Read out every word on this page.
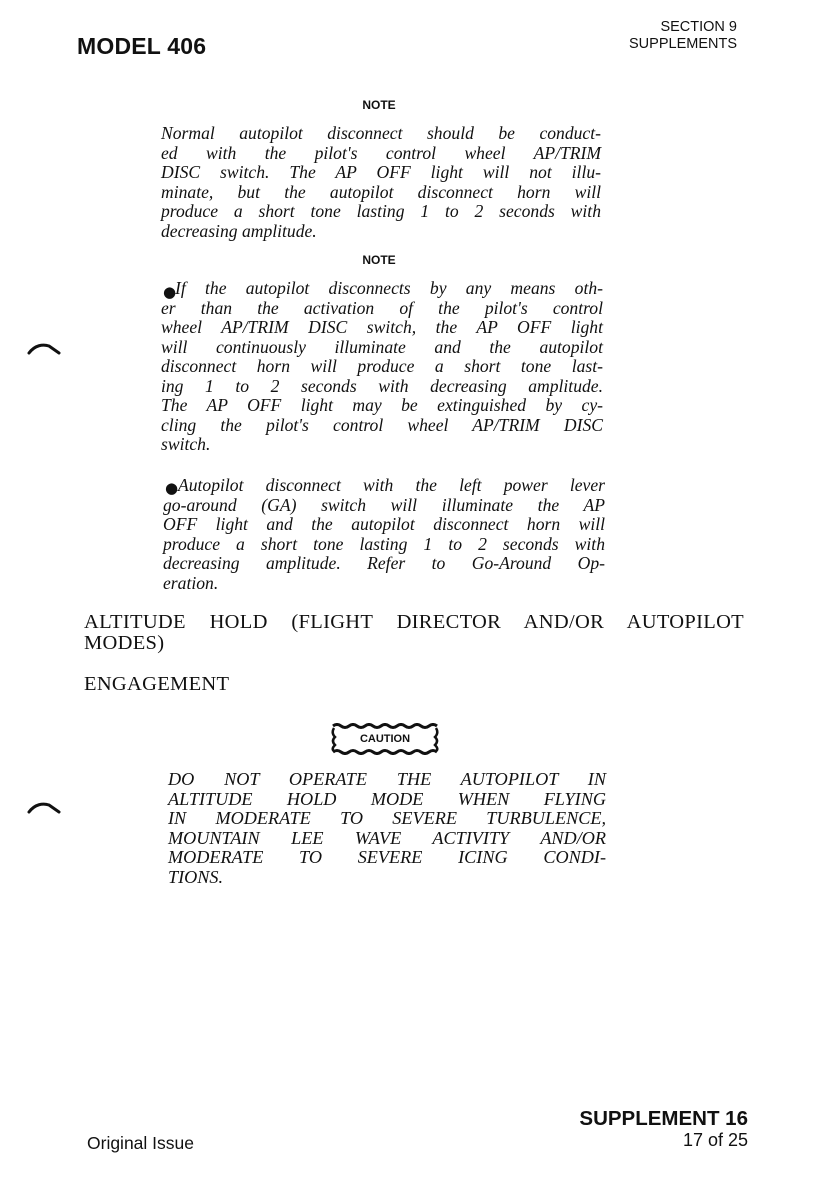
MODEL 406
SECTION 9
SUPPLEMENTS
NOTE
Normal autopilot disconnect should be conduct-
ed with the pilot's control wheel AP/TRIM
DISC switch. The AP OFF light will not illu-
minate, but the autopilot disconnect horn will
produce a short tone lasting 1 to 2 seconds with
decreasing amplitude.
NOTE
●
If the autopilot disconnects by any means oth-
er than the activation of the pilot's control
wheel AP/TRIM DISC switch, the AP OFF light
will continuously illuminate and the autopilot
disconnect horn will produce a short tone last-
ing 1 to 2 seconds with decreasing amplitude.
The AP OFF light may be extinguished by cy-
cling the pilot's control wheel AP/TRIM DISC
switch.
● Autopilot disconnect with the left power lever
go-around (GA) switch will illuminate the AP
OFF light and the autopilot disconnect horn will
produce a short tone lasting 1 to 2 seconds with
decreasing amplitude. Refer to Go-Around Op-
eration.
ALTITUDE HOLD (FLIGHT DIRECTOR AND/OR AUTOPILOT
MODES)
ENGAGEMENT
CAUTION
DO NOT OPERATE THE AUTOPILOT IN
ALTITUDE HOLD MODE WHEN FLYING
IN MODERATE TO SEVERE TURBULENCE,
MOUNTAIN LEE WAVE ACTIVITY AND/OR
MODERATE TO SEVERE ICING CONDI-
TIONS.
Original Issue
SUPPLEMENT 16
17 of 25
